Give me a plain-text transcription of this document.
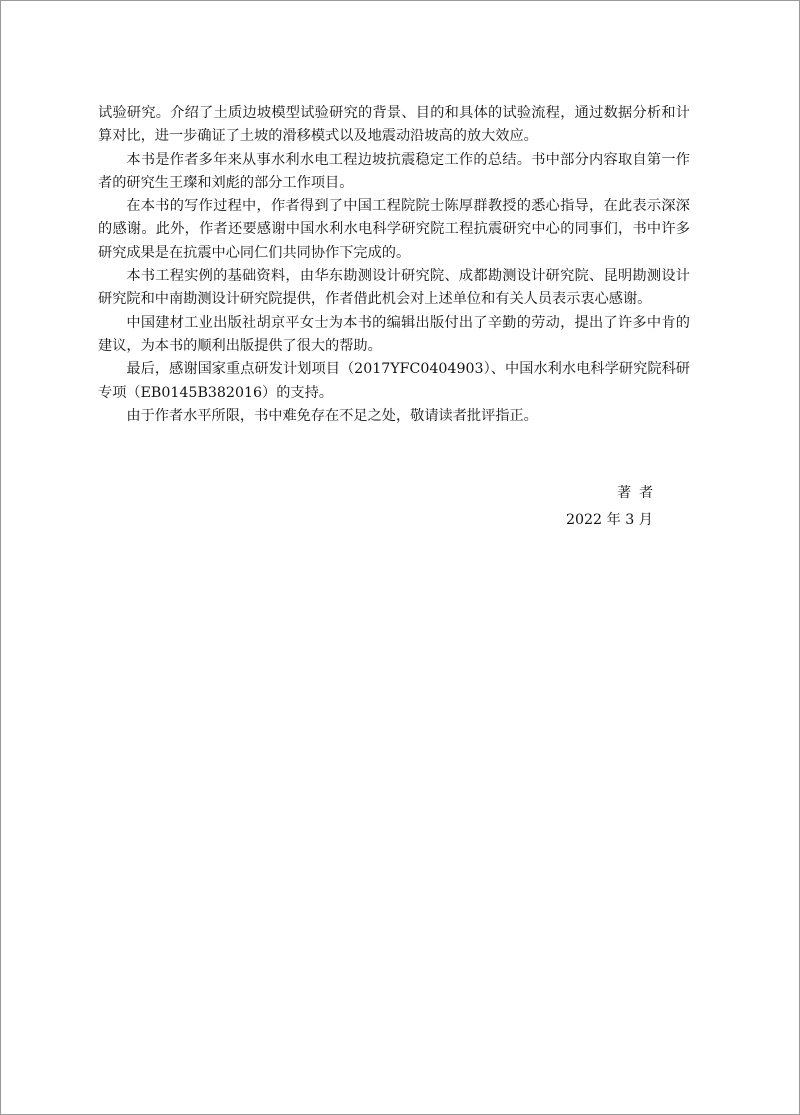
试验研究。介绍了土质边坡模型试验研究的背景、目的和具体的试验流程，通过数据分析和计算对比，进一步确证了土坡的滑移模式以及地震动沿坡高的放大效应。

本书是作者多年来从事水利水电工程边坡抗震稳定工作的总结。书中部分内容取自第一作者的研究生王璨和刘彪的部分工作项目。

在本书的写作过程中，作者得到了中国工程院院士陈厚群教授的悉心指导，在此表示深深的感谢。此外，作者还要感谢中国水利水电科学研究院工程抗震研究中心的同事们，书中许多研究成果是在抗震中心同仁们共同协作下完成的。

本书工程实例的基础资料，由华东勘测设计研究院、成都勘测设计研究院、昆明勘测设计研究院和中南勘测设计研究院提供，作者借此机会对上述单位和有关人员表示衷心感谢。

中国建材工业出版社胡京平女士为本书的编辑出版付出了辛勤的劳动，提出了许多中肯的建议，为本书的顺利出版提供了很大的帮助。

最后，感谢国家重点研发计划项目（2017YFC0404903）、中国水利水电科学研究院科研专项（EB0145B382016）的支持。

由于作者水平所限，书中难免存在不足之处，敬请读者批评指正。

著者
2022 年 3 月
